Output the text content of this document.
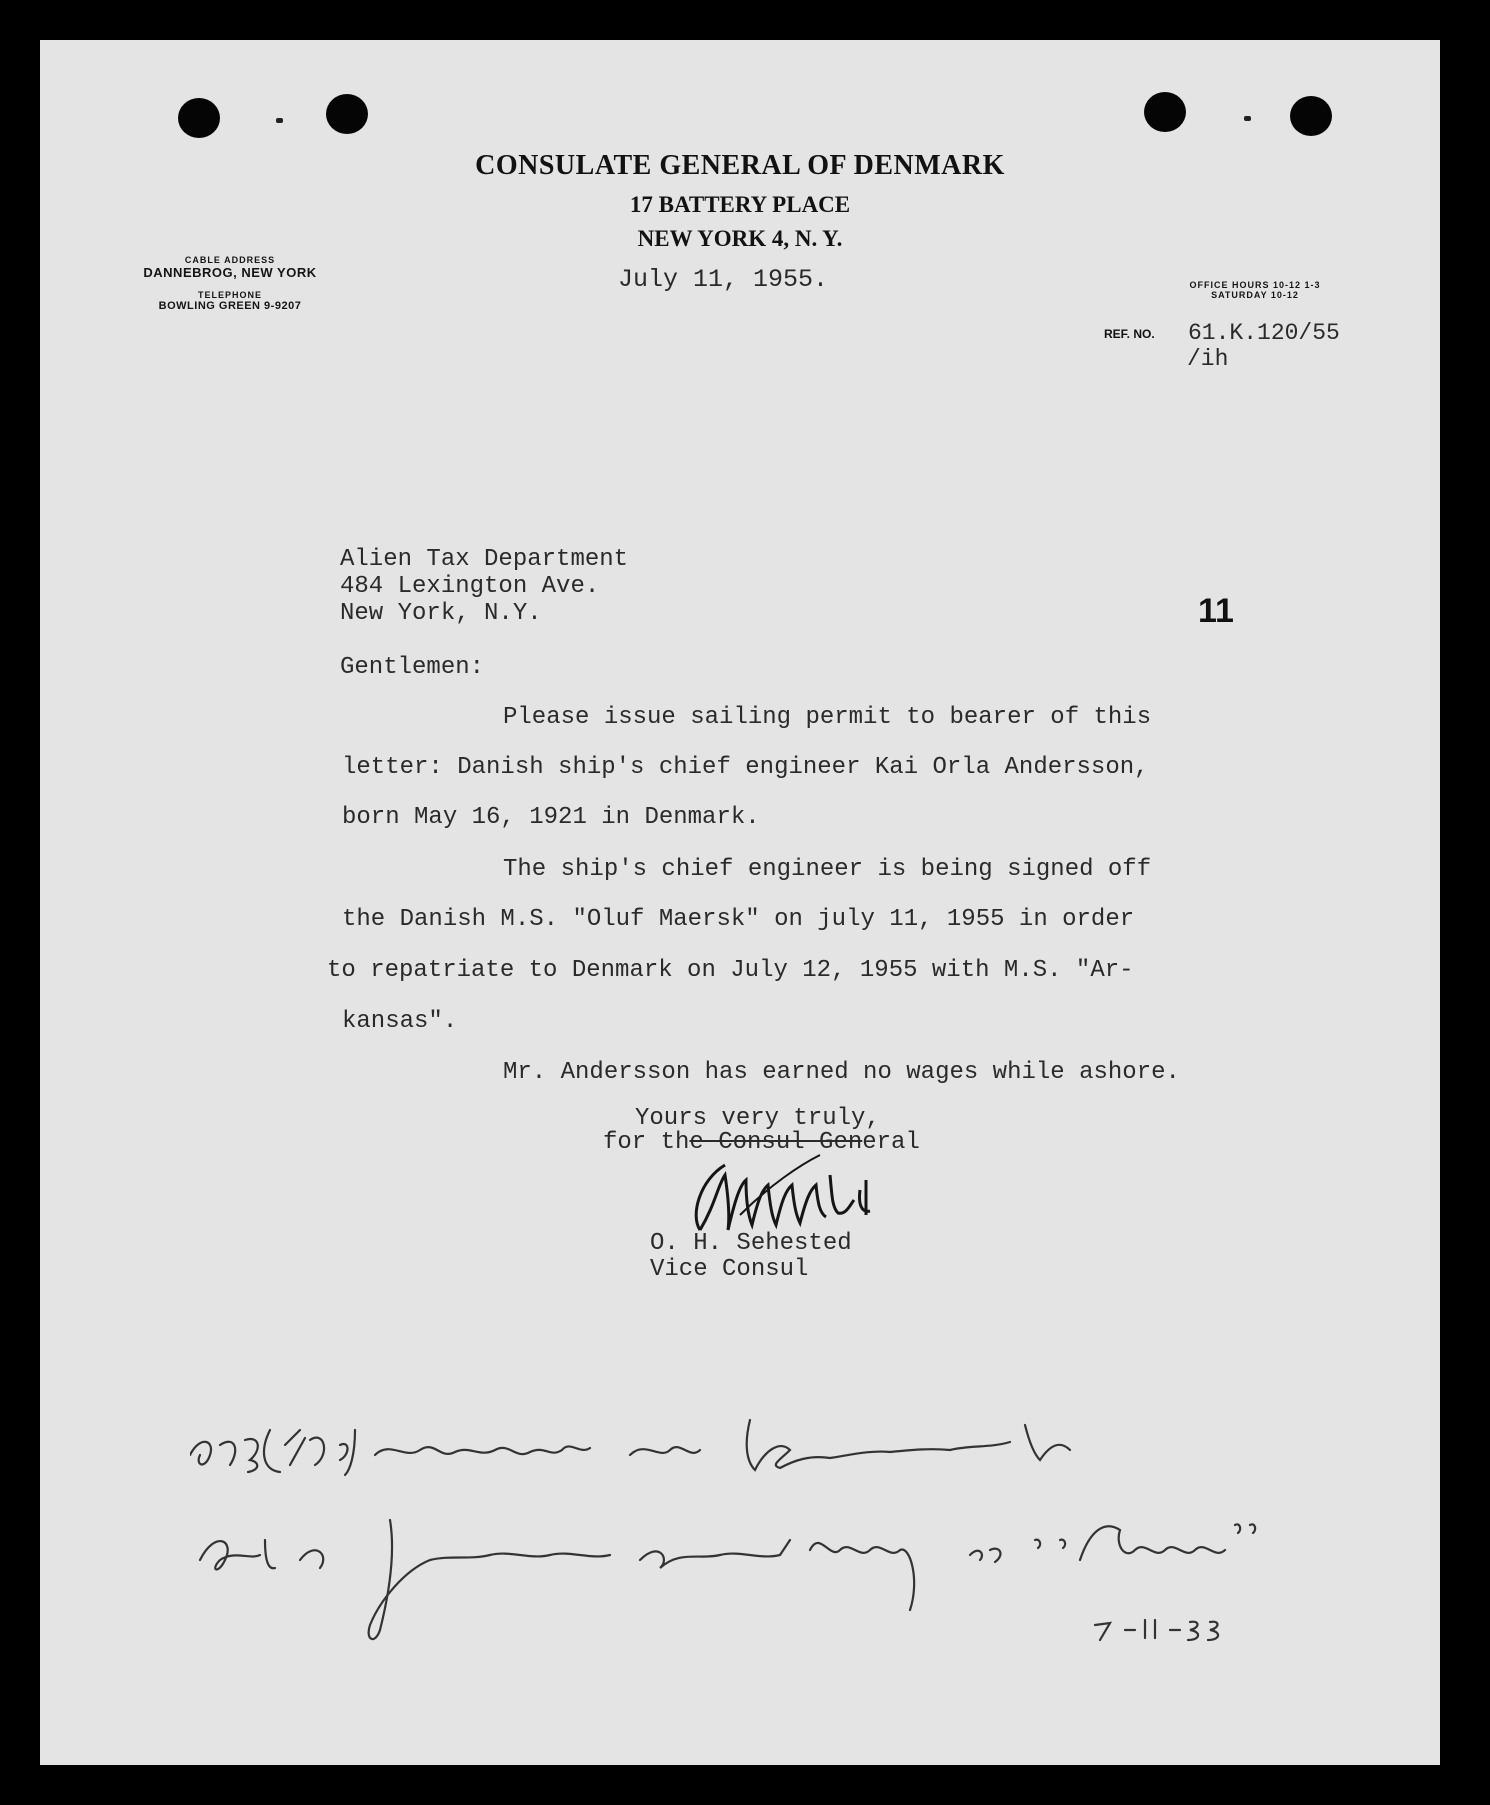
CONSULATE GENERAL OF DENMARK
17 BATTERY PLACE
NEW YORK 4, N. Y.
CABLE ADDRESS
DANNEBROG, NEW YORK
TELEPHONE
BOWLING GREEN 9-9207
OFFICE HOURS 10-12 1-3
SATURDAY 10-12
July 11, 1955.
REF. NO. 61.K.120/55
/ih
Alien Tax Department
484 Lexington Ave.
New York, N.Y.	11
Gentlemen:
Please issue sailing permit to bearer of this
letter: Danish ship's chief engineer Kai Orla Andersson,
born May 16, 1921 in Denmark.
The ship's chief engineer is being signed off
the Danish M.S. "Oluf Maersk" on july 11, 1955 in order
to repatriate to Denmark on July 12, 1955 with M.S. "Ar-
kansas".
Mr. Andersson has earned no wages while ashore.
Yours very truly,
for the Consul General
O. H. Sehested
Vice Consul
